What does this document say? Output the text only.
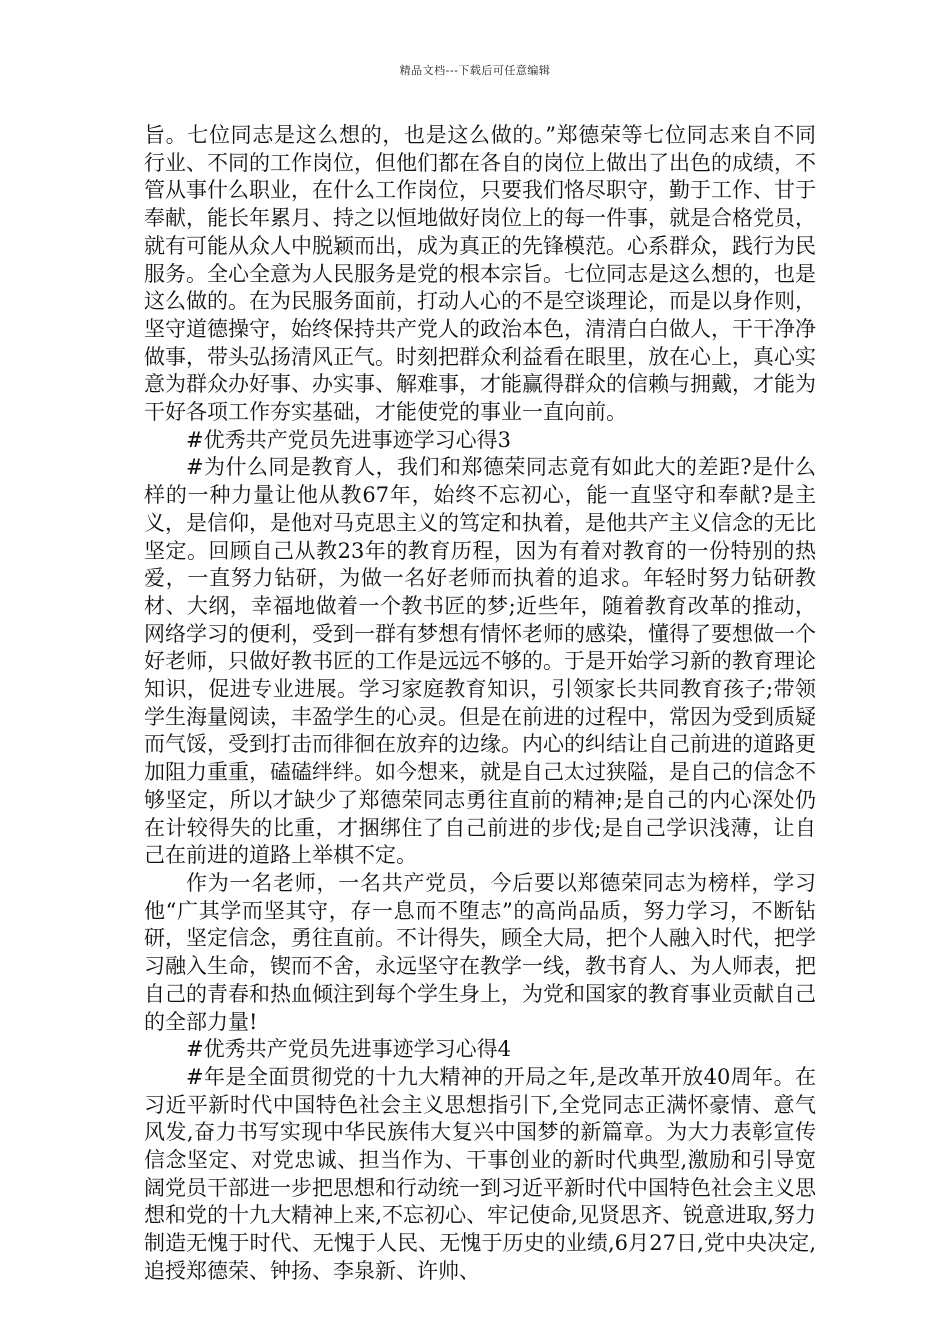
精品文档---下载后可任意编辑

旨。七位同志是这么想的，也是这么做的。”郑德荣等七位同志来自不同行业、不同的工作岗位，但他们都在各自的岗位上做出了出色的成绩，不管从事什么职业，在什么工作岗位，只要我们恪尽职守，勤于工作、甘于奉献，能长年累月、持之以恒地做好岗位上的每一件事，就是合格党员，就有可能从众人中脱颖而出，成为真正的先锋模范。心系群众，践行为民服务。全心全意为人民服务是党的根本宗旨。七位同志是这么想的，也是这么做的。在为民服务面前，打动人心的不是空谈理论，而是以身作则，坚守道德操守，始终保持共产党人的政治本色，清清白白做人，干干净净做事，带头弘扬清风正气。时刻把群众利益看在眼里，放在心上，真心实意为群众办好事、办实事、解难事，才能赢得群众的信赖与拥戴，才能为干好各项工作夯实基础，才能使党的事业一直向前。

#优秀共产党员先进事迹学习心得3

#为什么同是教育人，我们和郑德荣同志竟有如此大的差距?是什么样的一种力量让他从教67年，始终不忘初心，能一直坚守和奉献?是主义，是信仰，是他对马克思主义的笃定和执着，是他共产主义信念的无比坚定。回顾自己从教23年的教育历程，因为有着对教育的一份特别的热爱，一直努力钻研，为做一名好老师而执着的追求。年轻时努力钻研教材、大纲，幸福地做着一个教书匠的梦;近些年，随着教育改革的推动，网络学习的便利，受到一群有梦想有情怀老师的感染，懂得了要想做一个好老师，只做好教书匠的工作是远远不够的。于是开始学习新的教育理论知识，促进专业进展。学习家庭教育知识，引领家长共同教育孩子;带领学生海量阅读，丰盈学生的心灵。但是在前进的过程中，常因为受到质疑而气馁，受到打击而徘徊在放弃的边缘。内心的纠结让自己前进的道路更加阻力重重，磕磕绊绊。如今想来，就是自己太过狭隘，是自己的信念不够坚定，所以才缺少了郑德荣同志勇往直前的精神;是自己的内心深处仍在计较得失的比重，才捆绑住了自己前进的步伐;是自己学识浅薄，让自己在前进的道路上举棋不定。

作为一名老师，一名共产党员，今后要以郑德荣同志为榜样，学习他“广其学而坚其守，存一息而不堕志”的高尚品质，努力学习，不断钻研，坚定信念，勇往直前。不计得失，顾全大局，把个人融入时代，把学习融入生命，锲而不舍，永远坚守在教学一线，教书育人、为人师表，把自己的青春和热血倾注到每个学生身上，为党和国家的教育事业贡献自己的全部力量!

#优秀共产党员先进事迹学习心得4

#年是全面贯彻党的十九大精神的开局之年,是改革开放40周年。在习近平新时代中国特色社会主义思想指引下,全党同志正满怀豪情、意气风发,奋力书写实现中华民族伟大复兴中国梦的新篇章。为大力表彰宣传信念坚定、对党忠诚、担当作为、干事创业的新时代典型,激励和引导宽阔党员干部进一步把思想和行动统一到习近平新时代中国特色社会主义思想和党的十九大精神上来,不忘初心、牢记使命,见贤思齐、锐意进取,努力制造无愧于时代、无愧于人民、无愧于历史的业绩,6月27日,党中央决定,追授郑德荣、钟扬、李泉新、许帅、
